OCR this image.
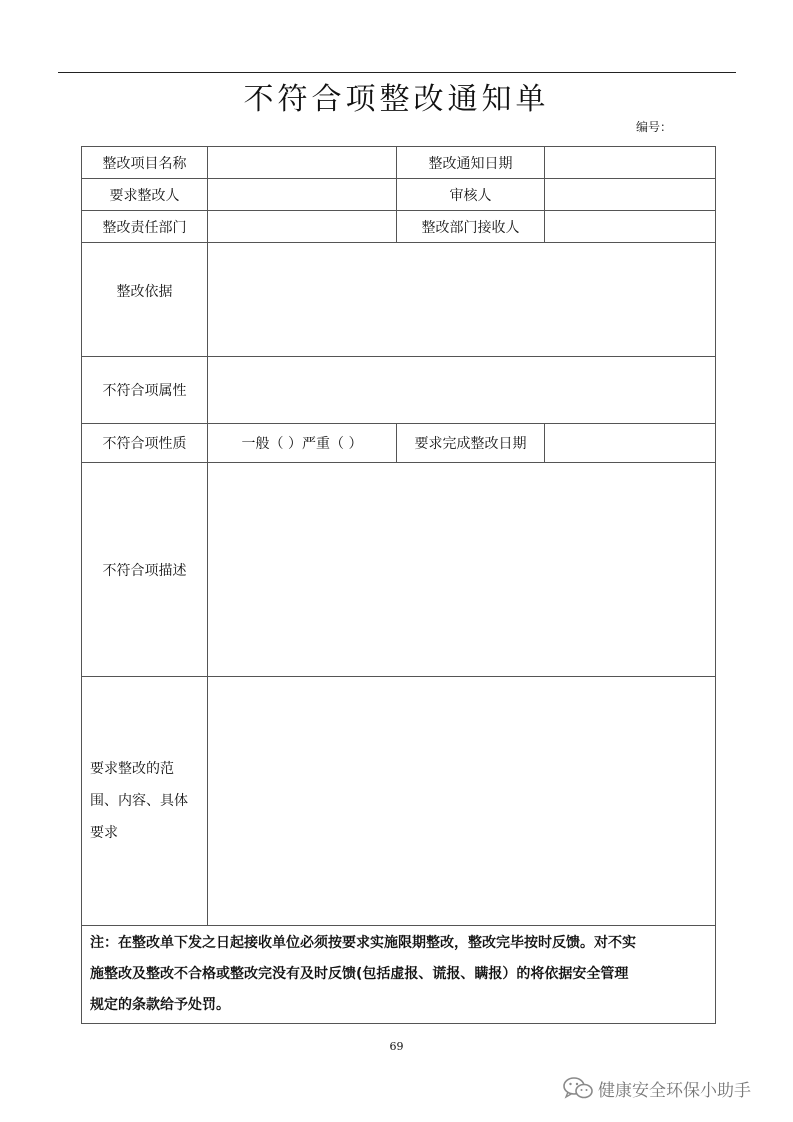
不符合项整改通知单
编号：
整改项目名称		整改通知日期	
要求整改人		审核人	
整改责任部门		整改部门接收人	
整改依据			
不符合项属性			
不符合项性质	一般（ ）严重（ ）	要求完成整改日期	
不符合项描述			

要求整改的范
围、内容、具体
要求			

注：在整改单下发之日起接收单位必须按要求实施限期整改，整改完毕按时反馈。对不实
施整改及整改不合格或整改完没有及时反馈(包括虚报、谎报、瞒报）的将依据安全管理
规定的条款给予处罚。			
69
健康安全环保小助手
